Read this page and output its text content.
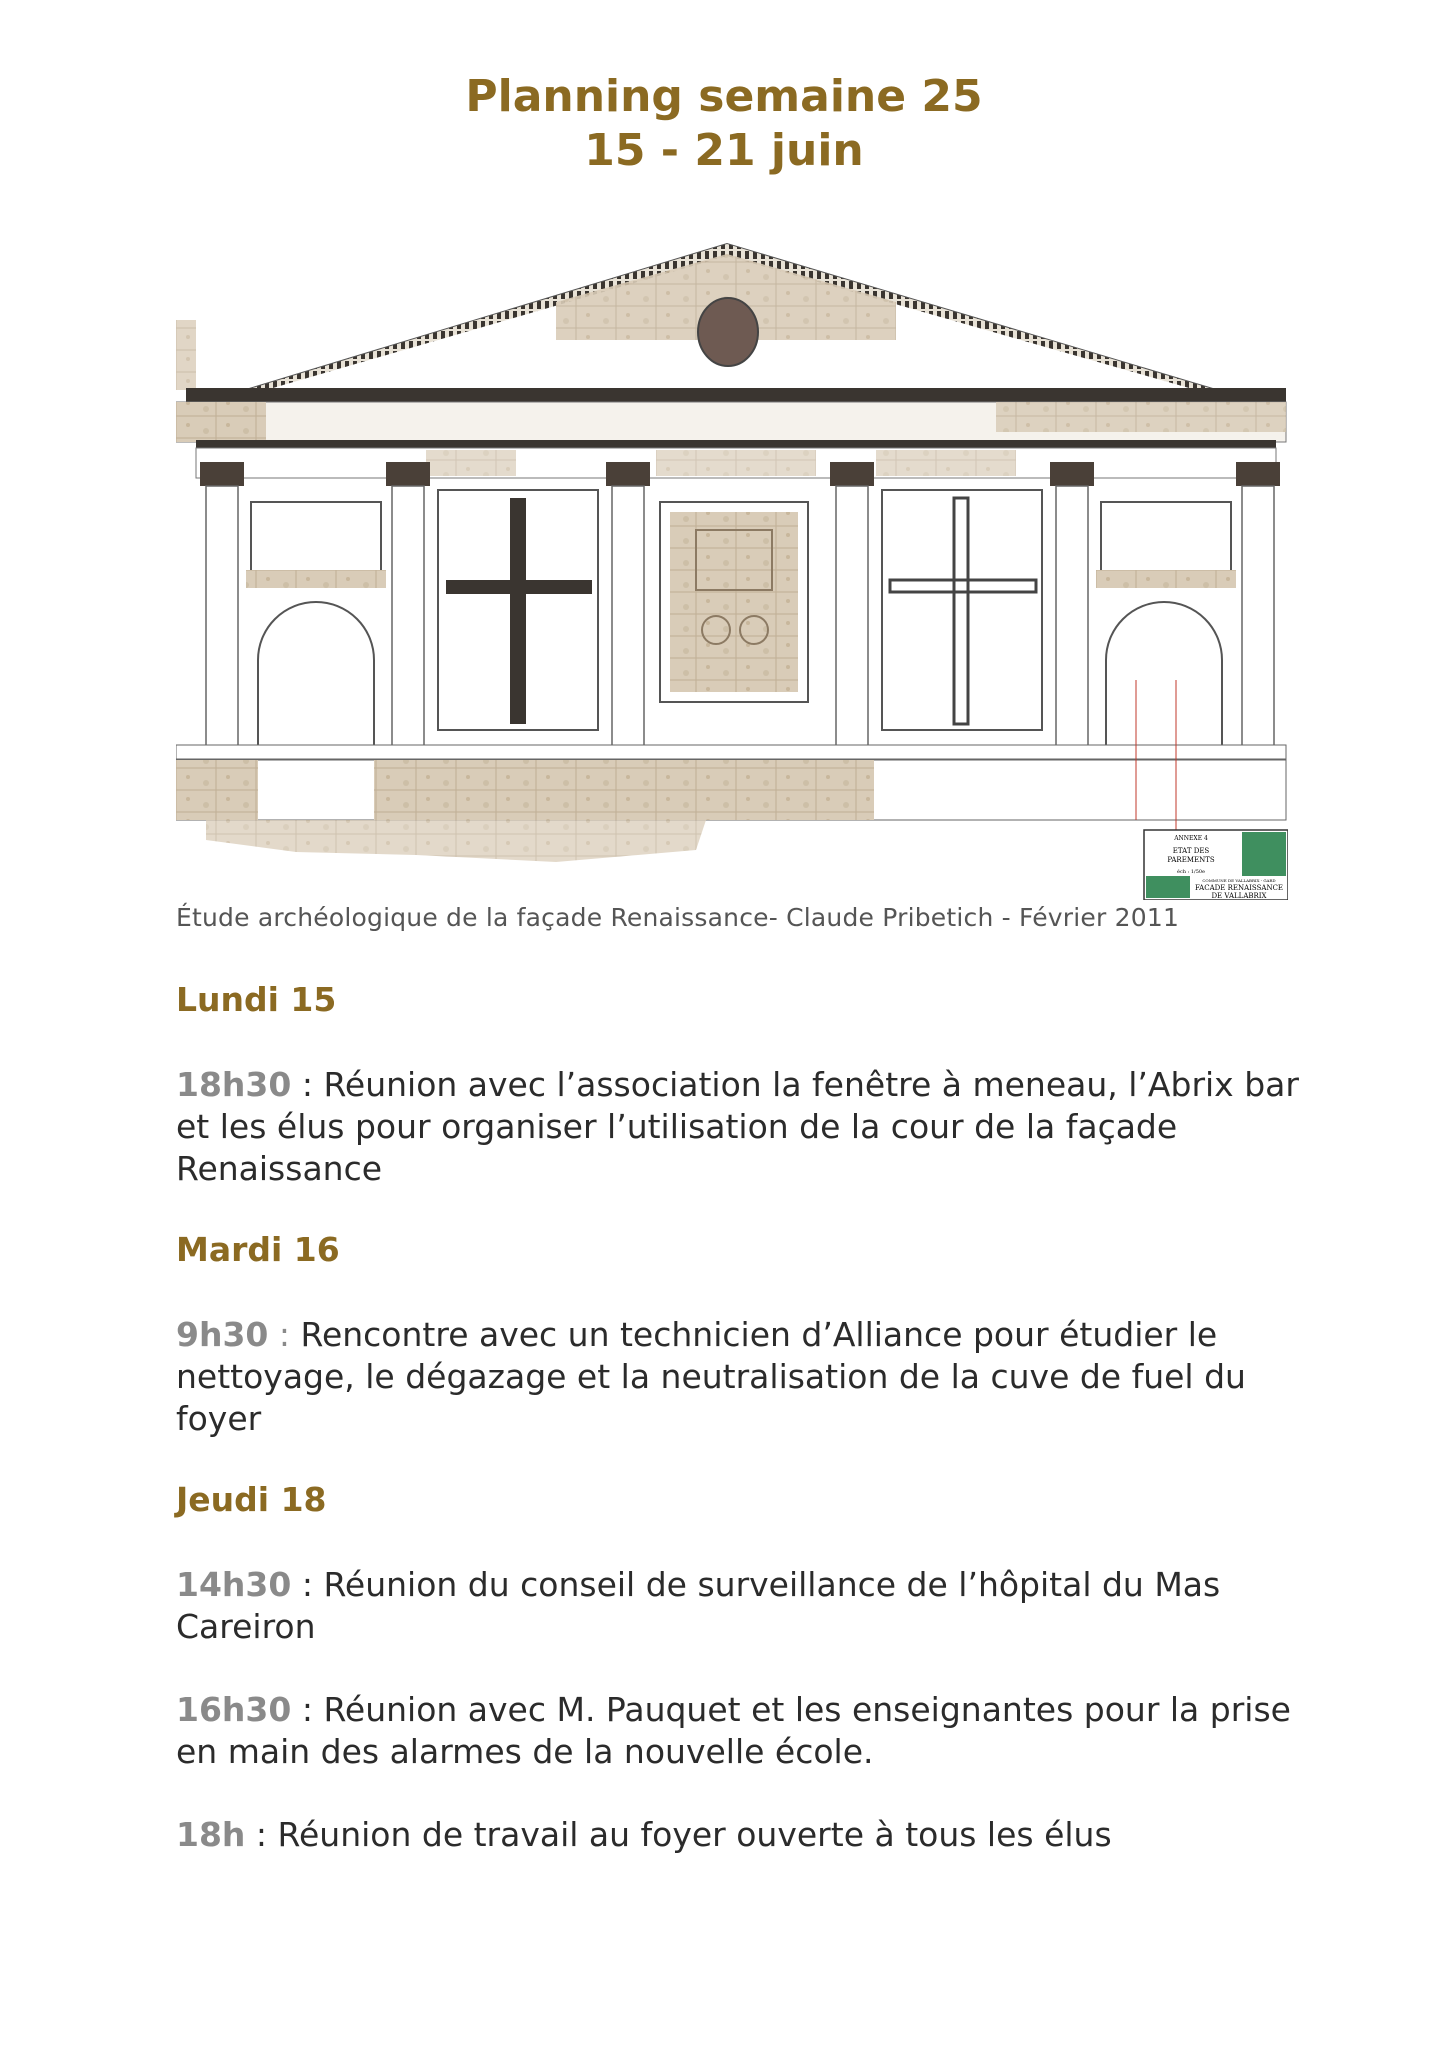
Planning semaine 25
15 - 21 juin
ANNEXE 4
ETAT DES
PAREMENTS
éch : 1/50e
COMMUNE DE VALLABRIX - GARD
FACADE RENAISSANCE
DE VALLABRIX
Étude archéologique de la façade Renaissance- Claude Pribetich - Février 2011
Lundi 15
18h30 : Réunion avec l’association la fenêtre à meneau, l’Abrix bar et les élus pour organiser l’utilisation de la cour de la façade Renaissance
Mardi 16
9h30 : Rencontre avec un technicien d’Alliance pour étudier le nettoyage, le dégazage et la neutralisation de la cuve de fuel du foyer
Jeudi 18
14h30 : Réunion du conseil de surveillance de l’hôpital du Mas Careiron
16h30 : Réunion avec M. Pauquet et les enseignantes pour la prise en main des alarmes de la nouvelle école.
18h : Réunion de travail au foyer ouverte à tous les élus
